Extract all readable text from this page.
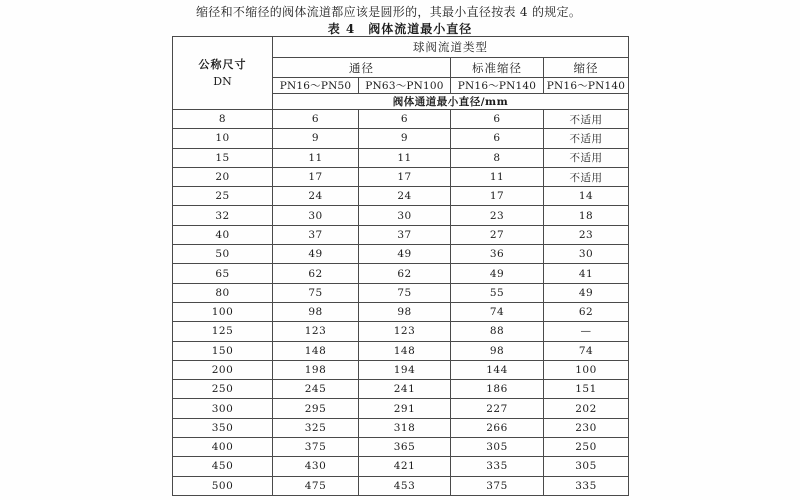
缩径和不缩径的阀体流道都应该是圆形的，其最小直径按表 4 的规定。
表 4　阀体流道最小直径
公称尺寸
DN	球阀流道类型			
	通径		标准缩径	缩径
	PN16～PN50	PN63～PN100	PN16～PN140	PN16～PN140
	阀体通道最小直径/mm			
8	6	6	6	不适用
10	9	9	6	不适用
15	11	11	8	不适用
20	17	17	11	不适用
25	24	24	17	14
32	30	30	23	18
40	37	37	27	23
50	49	49	36	30
65	62	62	49	41
80	75	75	55	49
100	98	98	74	62
125	123	123	88	—
150	148	148	98	74
200	198	194	144	100
250	245	241	186	151
300	295	291	227	202
350	325	318	266	230
400	375	365	305	250
450	430	421	335	305
500	475	453	375	335
